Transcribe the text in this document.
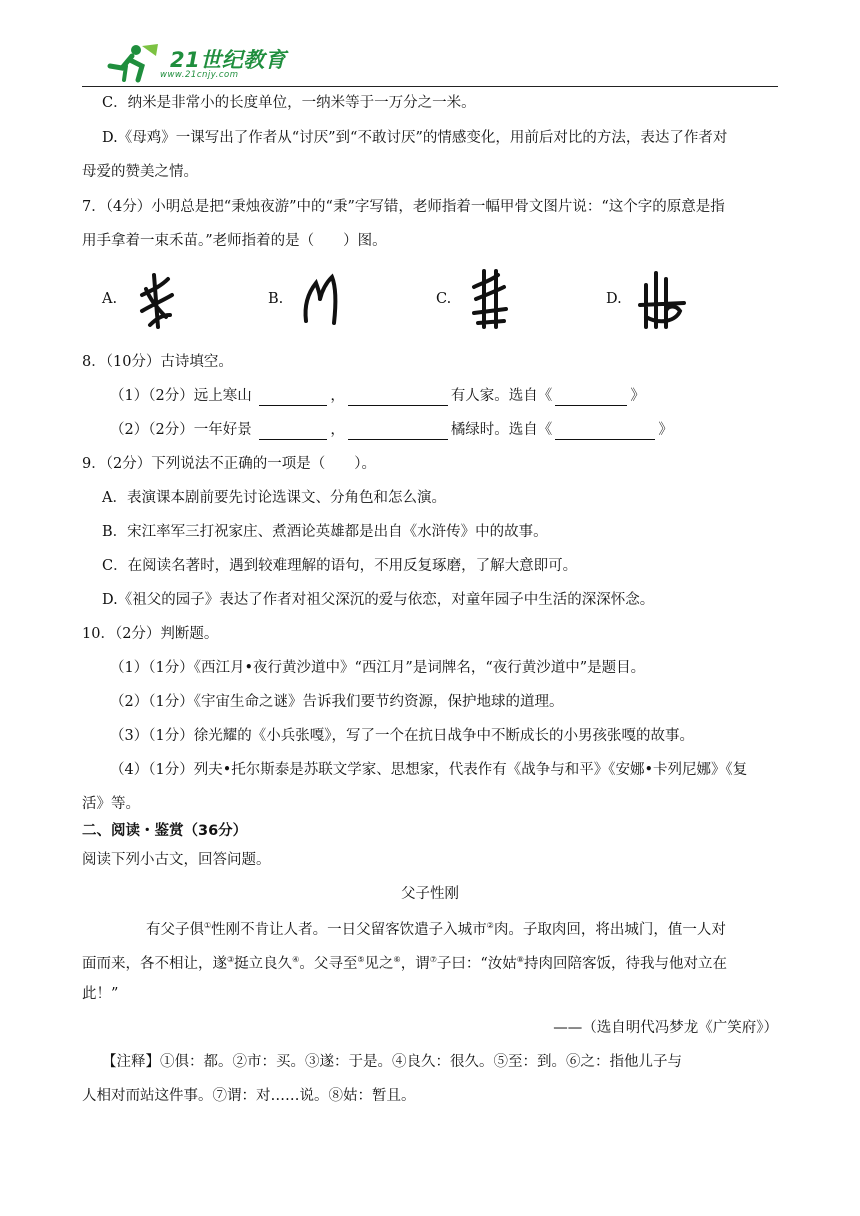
21世纪教育
www.21cnjy.com
C．纳米是非常小的长度单位，一纳米等于一万分之一米。
D.《母鸡》一课写出了作者从“讨厌”到“不敢讨厌”的情感变化，用前后对比的方法，表达了作者对
母爱的赞美之情。
7．（4分）小明总是把“秉烛夜游”中的“秉”字写错，老师指着一幅甲骨文图片说：“这个字的原意是指
用手拿着一束禾苗。”老师指着的是（　　）图。
A.	B.	C.	D.
8．（10分）古诗填空。
（1）（2分）远上寒山	，	有人家。选自《	》
（2）（2分）一年好景	，	橘绿时。选自《	》
9．（2分）下列说法不正确的一项是（　　）。
A．表演课本剧前要先讨论选课文、分角色和怎么演。
B．宋江率军三打祝家庄、煮酒论英雄都是出自《水浒传》中的故事。
C．在阅读名著时，遇到较难理解的语句，不用反复琢磨，了解大意即可。
D.《祖父的园子》表达了作者对祖父深沉的爱与依恋，对童年园子中生活的深深怀念。
10．（2分）判断题。
（1）（1分）《西江月•夜行黄沙道中》“西江月”是词牌名，“夜行黄沙道中”是题目。
（2）（1分）《宇宙生命之谜》告诉我们要节约资源，保护地球的道理。
（3）（1分）徐光耀的《小兵张嘎》，写了一个在抗日战争中不断成长的小男孩张嘎的故事。
（4）（1分）列夫•托尔斯泰是苏联文学家、思想家，代表作有《战争与和平》《安娜•卡列尼娜》《复
活》等。
二、阅读・鉴赏（36分）
阅读下列小古文，回答问题。
父子性刚
有父子俱①性刚不肯让人者。一日父留客饮遣子入城市②肉。子取肉回，将出城门，值一人对
面而来，各不相让，遂③挺立良久④。父寻至⑤见之⑥，谓⑦子曰：“汝姑⑧持肉回陪客饭，待我与他对立在
此！”
——（选自明代冯梦龙《广笑府》）
【注释】①俱：都。②市：买。③遂：于是。④良久：很久。⑤至：到。⑥之：指他儿子与
人相对而站这件事。⑦谓：对……说。⑧姑：暂且。
